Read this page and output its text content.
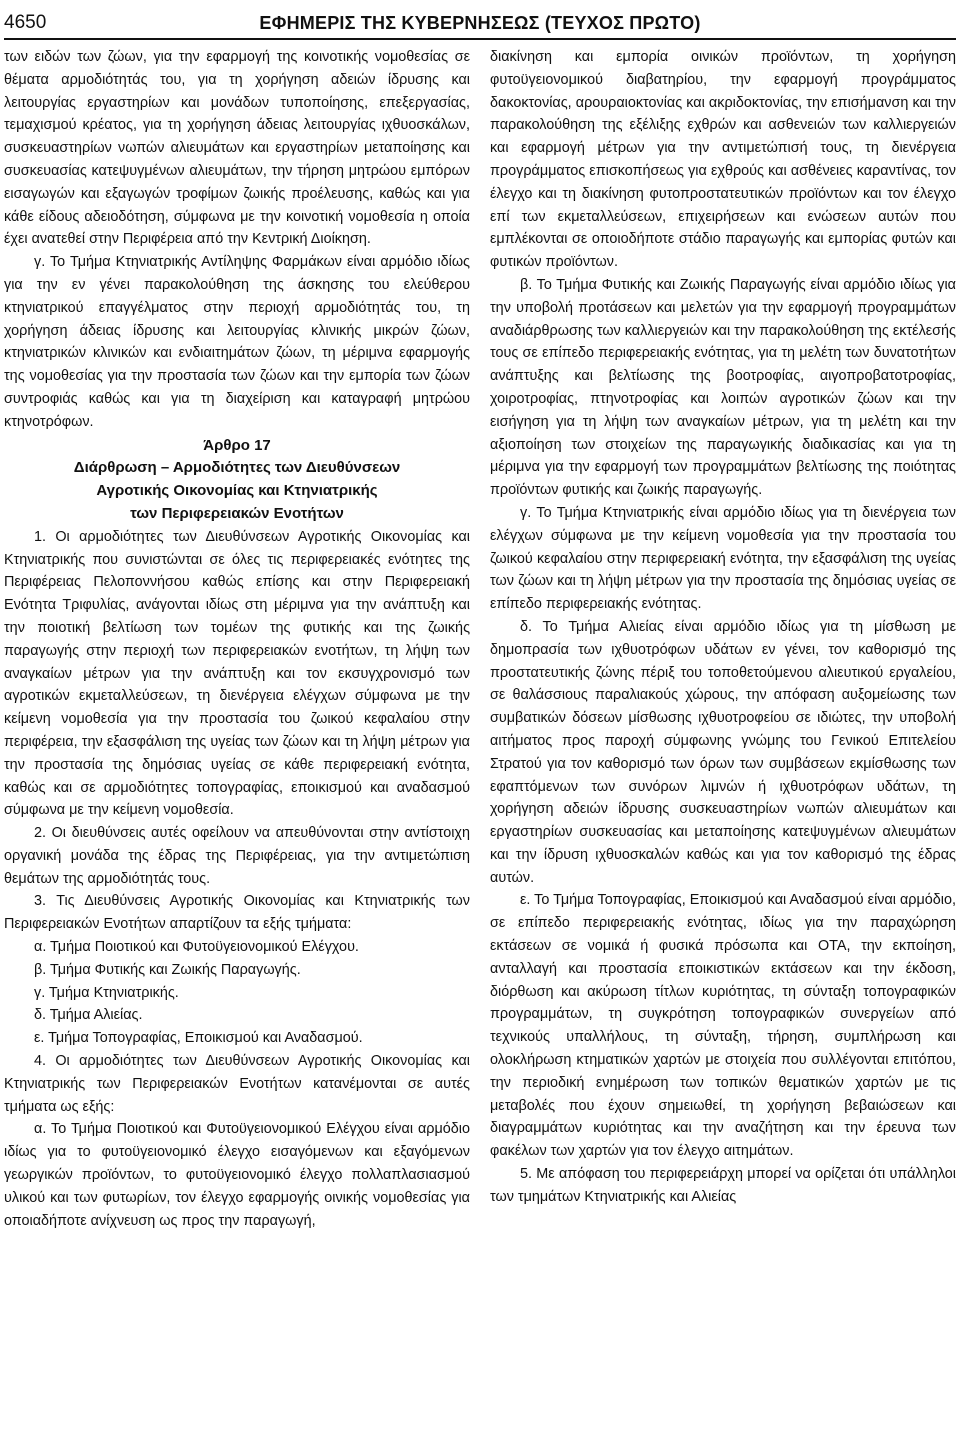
4650	ΕΦΗΜΕΡΙΣ ΤΗΣ ΚΥΒΕΡΝΗΣΕΩΣ (ΤΕΥΧΟΣ ΠΡΩΤΟ)

των ειδών των ζώων, για την εφαρμογή της κοινοτικής νομοθεσίας σε θέματα αρμοδιότητάς του, για τη χορήγηση αδειών ίδρυσης και λειτουργίας εργαστηρίων και μονάδων τυποποίησης, επεξεργασίας, τεμαχισμού κρέατος, για τη χορήγηση άδειας λειτουργίας ιχθυοσκάλων, συσκευαστηρίων νωπών αλιευμάτων και εργαστηρίων μεταποίησης και συσκευασίας κατεψυγμένων αλιευμάτων, την τήρηση μητρώου εμπόρων εισαγωγών και εξαγωγών τροφίμων ζωικής προέλευσης, καθώς και για κάθε είδους αδειοδότηση, σύμφωνα με την κοινοτική νομοθεσία η οποία έχει ανατεθεί στην Περιφέρεια από την Κεντρική Διοίκηση.

γ. Το Τμήμα Κτηνιατρικής Αντίληψης Φαρμάκων είναι αρμόδιο ιδίως για την εν γένει παρακολούθηση της άσκησης του ελεύθερου κτηνιατρικού επαγγέλματος στην περιοχή αρμοδιότητάς του, τη χορήγηση άδειας ίδρυσης και λειτουργίας κλινικής μικρών ζώων, κτηνιατρικών κλινικών και ενδιαιτημάτων ζώων, τη μέριμνα εφαρμογής της νομοθεσίας για την προστασία των ζώων και την εμπορία των ζώων συντροφιάς καθώς και για τη διαχείριση και καταγραφή μητρώου κτηνοτρόφων.

Άρθρο 17
Διάρθρωση – Αρμοδιότητες των Διευθύνσεων
Αγροτικής Οικονομίας και Κτηνιατρικής
των Περιφερειακών Ενοτήτων

1. Οι αρμοδιότητες των Διευθύνσεων Αγροτικής Οικονομίας και Κτηνιατρικής που συνιστώνται σε όλες τις περιφερειακές ενότητες της Περιφέρειας Πελοποννήσου καθώς επίσης και στην Περιφερειακή Ενότητα Τριφυλίας, ανάγονται ιδίως στη μέριμνα για την ανάπτυξη και την ποιοτική βελτίωση των τομέων της φυτικής και της ζωικής παραγωγής στην περιοχή των περιφερειακών ενοτήτων, τη λήψη των αναγκαίων μέτρων για την ανάπτυξη και τον εκσυγχρονισμό των αγροτικών εκμεταλλεύσεων, τη διενέργεια ελέγχων σύμφωνα με την κείμενη νομοθεσία για την προστασία του ζωικού κεφαλαίου στην περιφέρεια, την εξασφάλιση της υγείας των ζώων και τη λήψη μέτρων για την προστασία της δημόσιας υγείας σε κάθε περιφερειακή ενότητα, καθώς και σε αρμοδιότητες τοπογραφίας, εποικισμού και αναδασμού σύμφωνα με την κείμενη νομοθεσία.

2. Οι διευθύνσεις αυτές οφείλουν να απευθύνονται στην αντίστοιχη οργανική μονάδα της έδρας της Περιφέρειας, για την αντιμετώπιση θεμάτων της αρμοδιότητάς τους.

3. Τις Διευθύνσεις Αγροτικής Οικονομίας και Κτηνιατρικής των Περιφερειακών Ενοτήτων απαρτίζουν τα εξής τμήματα:

α. Τμήμα Ποιοτικού και Φυτοϋγειονομικού Ελέγχου.

β. Τμήμα Φυτικής και Ζωικής Παραγωγής.

γ. Τμήμα Κτηνιατρικής.

δ. Τμήμα Αλιείας.

ε. Τμήμα Τοπογραφίας, Εποικισμού και Αναδασμού.

4. Οι αρμοδιότητες των Διευθύνσεων Αγροτικής Οικονομίας και Κτηνιατρικής των Περιφερειακών Ενοτήτων κατανέμονται σε αυτές τμήματα ως εξής:

α. Το Τμήμα Ποιοτικού και Φυτοϋγειονομικού Ελέγχου είναι αρμόδιο ιδίως για το φυτοϋγειονομικό έλεγχο εισαγόμενων και εξαγόμενων γεωργικών προϊόντων, το φυτοϋγειονομικό έλεγχο πολλαπλασιασμού υλικού και των φυτωρίων, τον έλεγχο εφαρμογής οινικής νομοθεσίας για οποιαδήποτε ανίχνευση ως προς την παραγωγή,

διακίνηση και εμπορία οινικών προϊόντων, τη χορήγηση φυτοϋγειονομικού διαβατηρίου, την εφαρμογή προγράμματος δακοκτονίας, αρουραιοκτονίας και ακριδοκτονίας, την επισήμανση και την παρακολούθηση της εξέλιξης εχθρών και ασθενειών των καλλιεργειών και εφαρμογή μέτρων για την αντιμετώπισή τους, τη διενέργεια προγράμματος επισκοπήσεως για εχθρούς και ασθένειες καραντίνας, τον έλεγχο και τη διακίνηση φυτοπροστατευτικών προϊόντων και τον έλεγχο επί των εκμεταλλεύσεων, επιχειρήσεων και ενώσεων αυτών που εμπλέκονται σε οποιοδήποτε στάδιο παραγωγής και εμπορίας φυτών και φυτικών προϊόντων.

β. Το Τμήμα Φυτικής και Ζωικής Παραγωγής είναι αρμόδιο ιδίως για την υποβολή προτάσεων και μελετών για την εφαρμογή προγραμμάτων αναδιάρθρωσης των καλλιεργειών και την παρακολούθηση της εκτέλεσής τους σε επίπεδο περιφερειακής ενότητας, για τη μελέτη των δυνατοτήτων ανάπτυξης και βελτίωσης της βοοτροφίας, αιγοπροβατοτροφίας, χοιροτροφίας, πτηνοτροφίας και λοιπών αγροτικών ζώων και την εισήγηση για τη λήψη των αναγκαίων μέτρων, για τη μελέτη και την αξιοποίηση των στοιχείων της παραγωγικής διαδικασίας και για τη μέριμνα για την εφαρμογή των προγραμμάτων βελτίωσης της ποιότητας προϊόντων φυτικής και ζωικής παραγωγής.

γ. Το Τμήμα Κτηνιατρικής είναι αρμόδιο ιδίως για τη διενέργεια των ελέγχων σύμφωνα με την κείμενη νομοθεσία για την προστασία του ζωικού κεφαλαίου στην περιφερειακή ενότητα, την εξασφάλιση της υγείας των ζώων και τη λήψη μέτρων για την προστασία της δημόσιας υγείας σε επίπεδο περιφερειακής ενότητας.

δ. Το Τμήμα Αλιείας είναι αρμόδιο ιδίως για τη μίσθωση με δημοπρασία των ιχθυοτρόφων υδάτων εν γένει, τον καθορισμό της προστατευτικής ζώνης πέριξ του τοποθετούμενου αλιευτικού εργαλείου, σε θαλάσσιους παραλιακούς χώρους, την απόφαση αυξομείωσης των συμβατικών δόσεων μίσθωσης ιχθυοτροφείου σε ιδιώτες, την υποβολή αιτήματος προς παροχή σύμφωνης γνώμης του Γενικού Επιτελείου Στρατού για τον καθορισμό των όρων των συμβάσεων εκμίσθωσης των εφαπτόμενων των συνόρων λιμνών ή ιχθυοτρόφων υδάτων, τη χορήγηση αδειών ίδρυσης συσκευαστηρίων νωπών αλιευμάτων και εργαστηρίων συσκευασίας και μεταποίησης κατεψυγμένων αλιευμάτων και την ίδρυση ιχθυοσκαλών καθώς και για τον καθορισμό της έδρας αυτών.

ε. Το Τμήμα Τοπογραφίας, Εποικισμού και Αναδασμού είναι αρμόδιο, σε επίπεδο περιφερειακής ενότητας, ιδίως για την παραχώρηση εκτάσεων σε νομικά ή φυσικά πρόσωπα και ΟΤΑ, την εκποίηση, ανταλλαγή και προστασία εποικιστικών εκτάσεων και την έκδοση, διόρθωση και ακύρωση τίτλων κυριότητας, τη σύνταξη τοπογραφικών προγραμμάτων, τη συγκρότηση τοπογραφικών συνεργείων από τεχνικούς υπαλλήλους, τη σύνταξη, τήρηση, συμπλήρωση και ολοκλήρωση κτηματικών χαρτών με στοιχεία που συλλέγονται επιτόπου, την περιοδική ενημέρωση των τοπικών θεματικών χαρτών με τις μεταβολές που έχουν σημειωθεί, τη χορήγηση βεβαιώσεων και διαγραμμάτων κυριότητας και την αναζήτηση και την έρευνα των φακέλων των χαρτών για τον έλεγχο αιτημάτων.

5. Με απόφαση του περιφερειάρχη μπορεί να ορίζεται ότι υπάλληλοι των τμημάτων Κτηνιατρικής και Αλιείας
